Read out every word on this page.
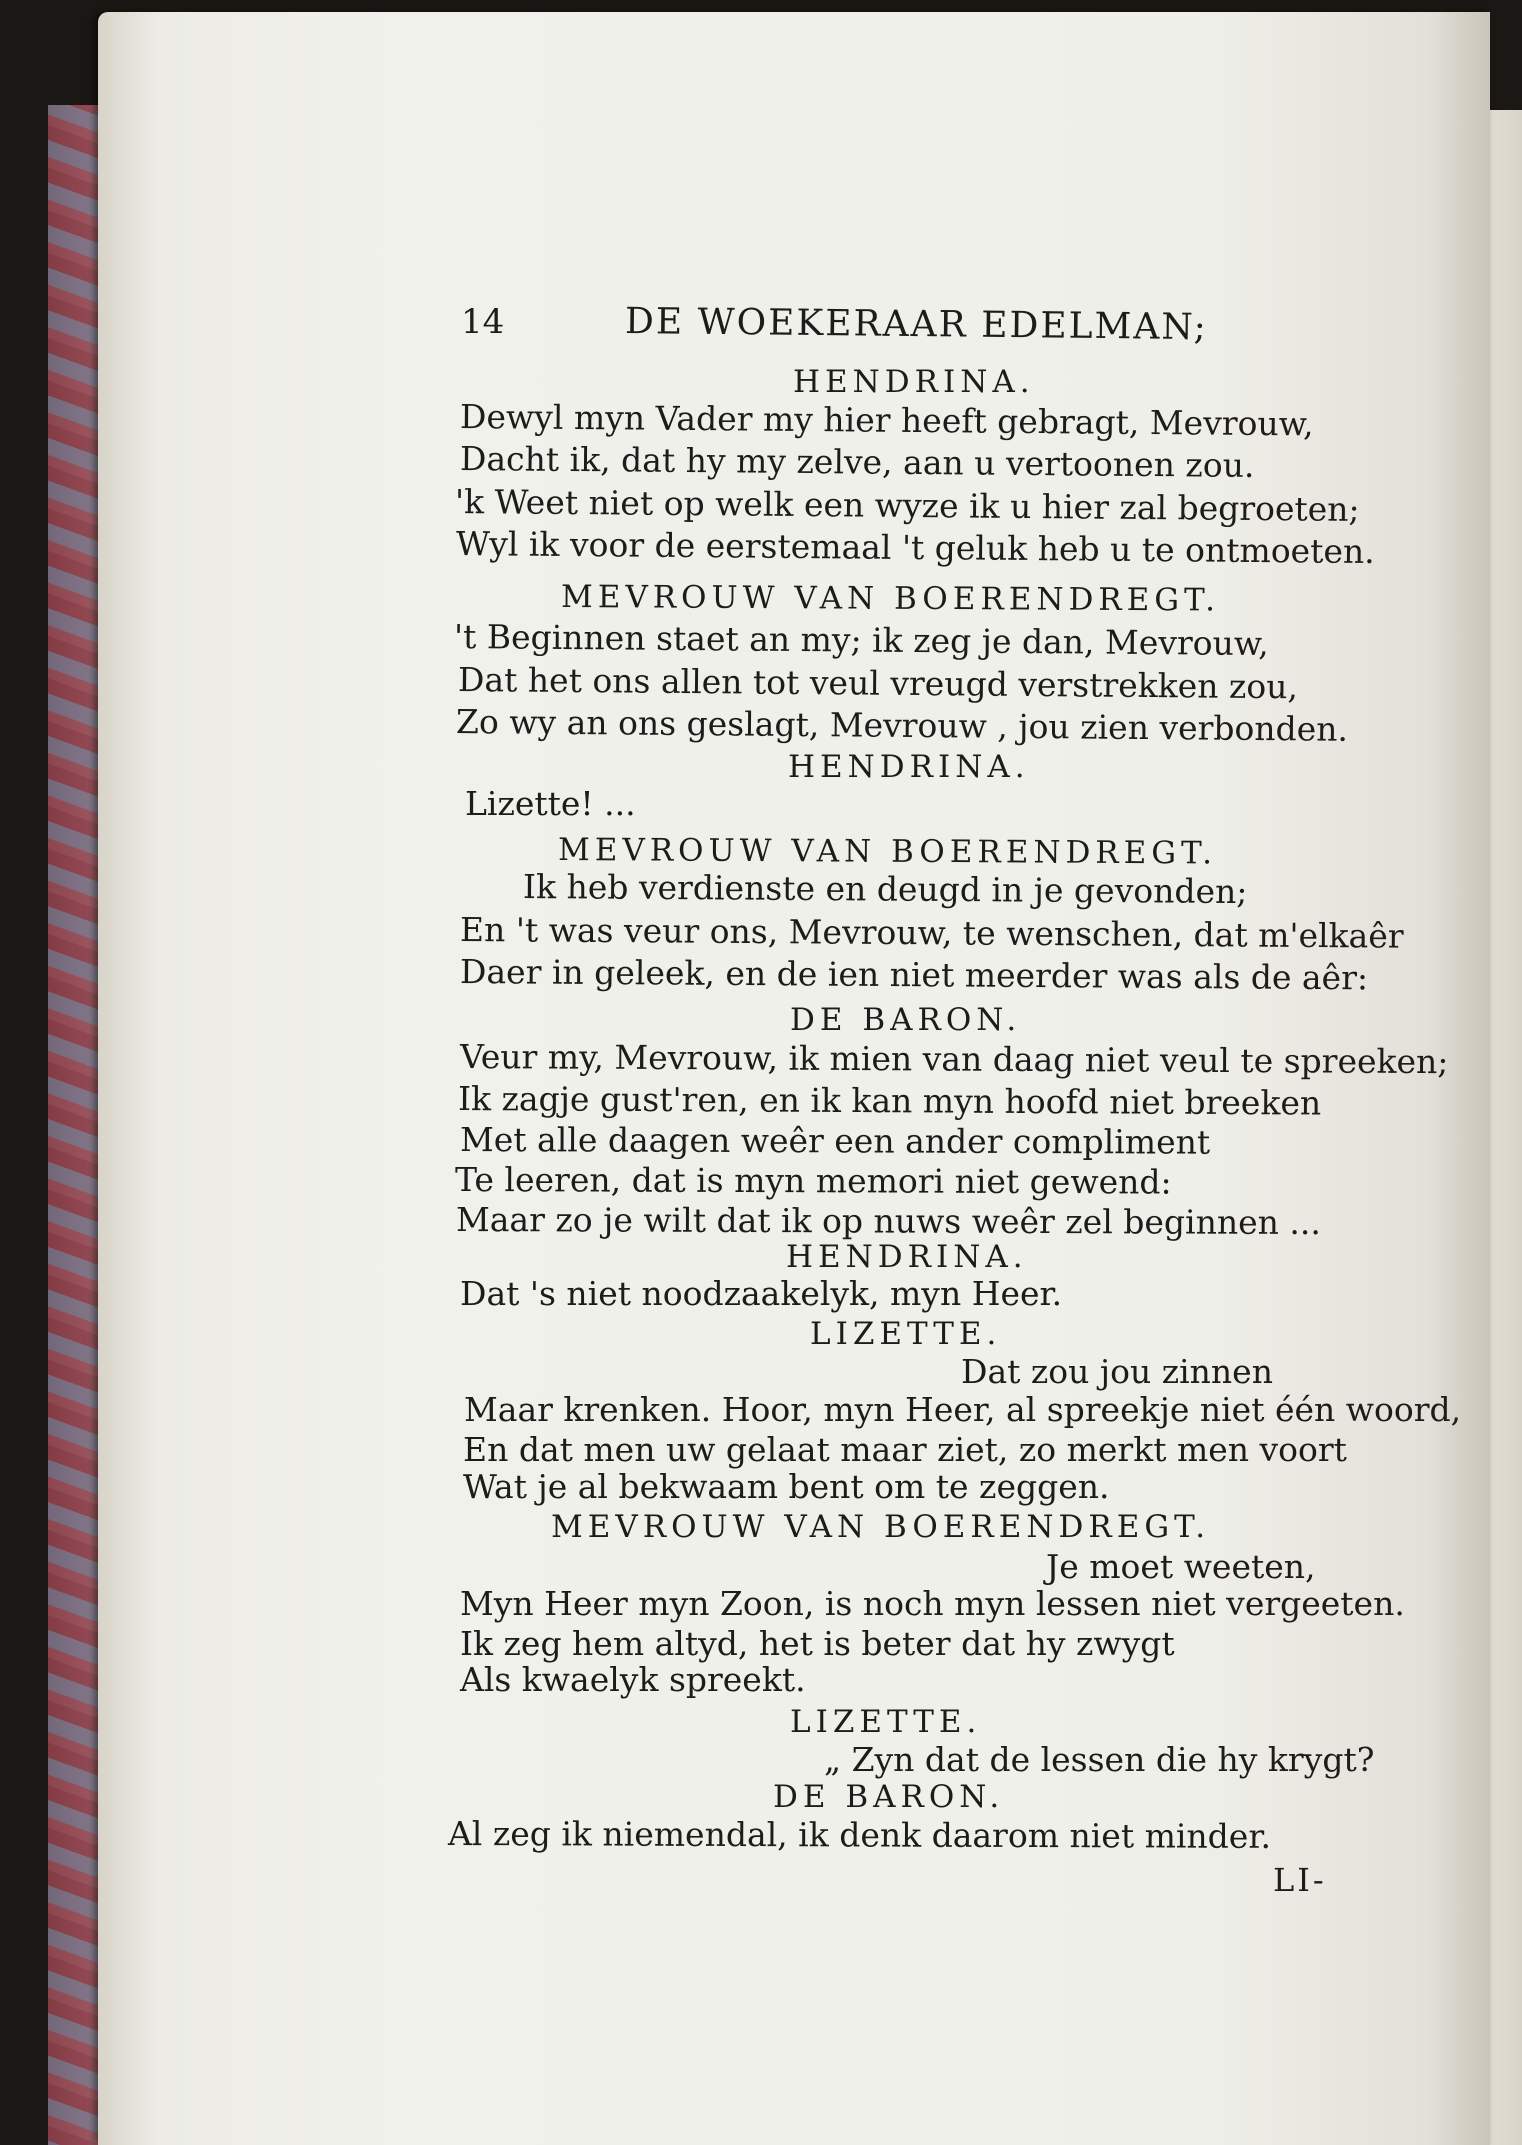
14	DE WOEKERAAR EDELMAN;
HENDRINA.
Dewyl myn Vader my hier heeft gebragt, Mevrouw,
Dacht ik, dat hy my zelve, aan u vertoonen zou.
'k Weet niet op welk een wyze ik u hier zal begroeten;
Wyl ik voor de eerstemaal 't geluk heb u te ontmoeten.
MEVROUW VAN BOERENDREGT.
't Beginnen staet an my; ik zeg je dan, Mevrouw,
Dat het ons allen tot veul vreugd verstrekken zou,
Zo wy an ons geslagt, Mevrouw , jou zien verbonden.
HENDRINA.
Lizette! ...
MEVROUW VAN BOERENDREGT.
Ik heb verdienste en deugd in je gevonden;
En 't was veur ons, Mevrouw, te wenschen, dat m'elkaêr
Daer in geleek, en de ien niet meerder was als de aêr:
DE BARON.
Veur my, Mevrouw, ik mien van daag niet veul te spreeken;
Ik zagje gust'ren, en ik kan myn hoofd niet breeken
Met alle daagen weêr een ander compliment
Te leeren, dat is myn memori niet gewend:
Maar zo je wilt dat ik op nuws weêr zel beginnen ...
HENDRINA.
Dat 's niet noodzaakelyk, myn Heer.
LIZETTE.
Dat zou jou zinnen
Maar krenken. Hoor, myn Heer, al spreekje niet één woord,
En dat men uw gelaat maar ziet, zo merkt men voort
Wat je al bekwaam bent om te zeggen.
MEVROUW VAN BOERENDREGT.
Je moet weeten,
Myn Heer myn Zoon, is noch myn lessen niet vergeeten.
Ik zeg hem altyd, het is beter dat hy zwygt
Als kwaelyk spreekt.
LIZETTE.
„ Zyn dat de lessen die hy krygt?
DE BARON.
Al zeg ik niemendal, ik denk daarom niet minder.
LI-
